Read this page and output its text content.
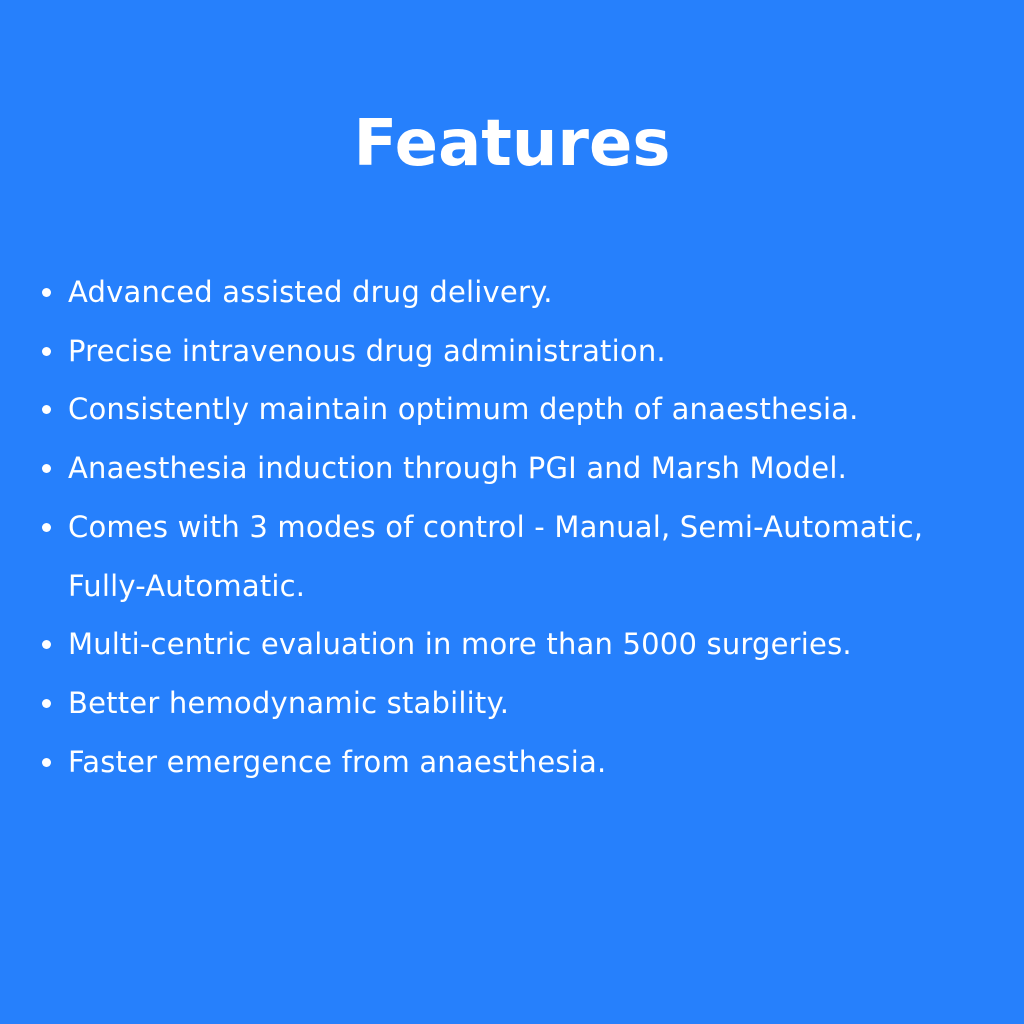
Features
Advanced assisted drug delivery.
Precise intravenous drug administration.
Consistently maintain optimum depth of anaesthesia.
Anaesthesia induction through PGI and Marsh Model.
Comes with 3 modes of control - Manual, Semi-Automatic, Fully-Automatic.
Multi-centric evaluation in more than 5000 surgeries.
Better hemodynamic stability.
Faster emergence from anaesthesia.
